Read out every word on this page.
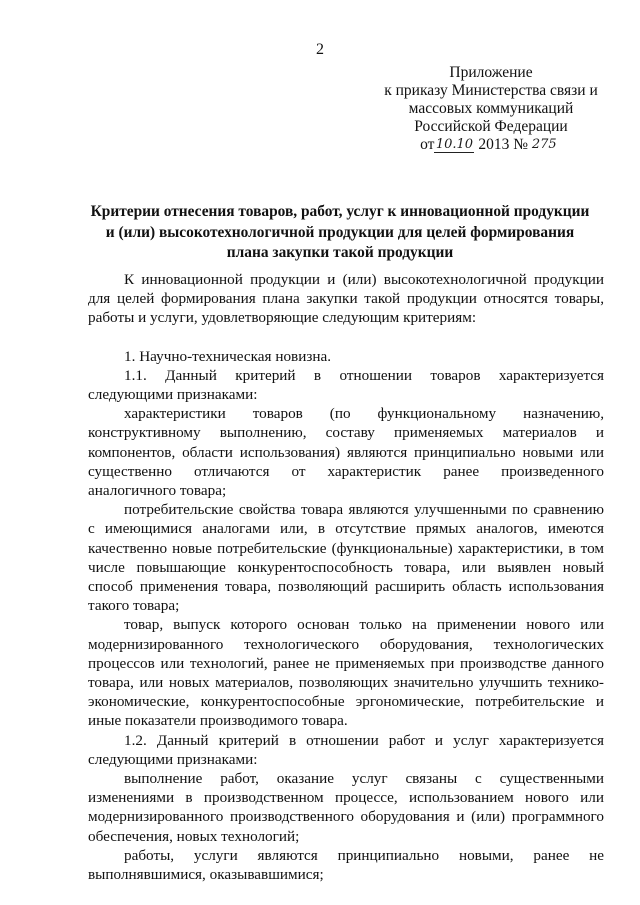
2
Приложение
к приказу Министерства связи и
массовых коммуникаций
Российской Федерации
от10.10 2013 № 275
Критерии отнесения товаров, работ, услуг к инновационной продукции и (или) высокотехнологичной продукции для целей формирования плана закупки такой продукции

К инновационной продукции и (или) высокотехнологичной продукции для целей формирования плана закупки такой продукции относятся товары, работы и услуги, удовлетворяющие следующим критериям:

1. Научно-техническая новизна.

1.1. Данный критерий в отношении товаров характеризуется следующими признаками:

характеристики товаров (по функциональному назначению, конструктивному выполнению, составу применяемых материалов и компонентов, области использования) являются принципиально новыми или существенно отличаются от характеристик ранее произведенного аналогичного товара;

потребительские свойства товара являются улучшенными по сравнению с имеющимися аналогами или, в отсутствие прямых аналогов, имеются качественно новые потребительские (функциональные) характеристики, в том числе повышающие конкурентоспособность товара, или выявлен новый способ применения товара, позволяющий расширить область использования такого товара;

товар, выпуск которого основан только на применении нового или модернизированного технологического оборудования, технологических процессов или технологий, ранее не применяемых при производстве данного товара, или новых материалов, позволяющих значительно улучшить технико-экономические, конкурентоспособные эргономические, потребительские и иные показатели производимого товара.

1.2. Данный критерий в отношении работ и услуг характеризуется следующими признаками:

выполнение работ, оказание услуг связаны с существенными изменениями в производственном процессе, использованием нового или модернизированного производственного оборудования и (или) программного обеспечения, новых технологий;

работы, услуги являются принципиально новыми, ранее не выполнявшимися, оказывавшимися;
